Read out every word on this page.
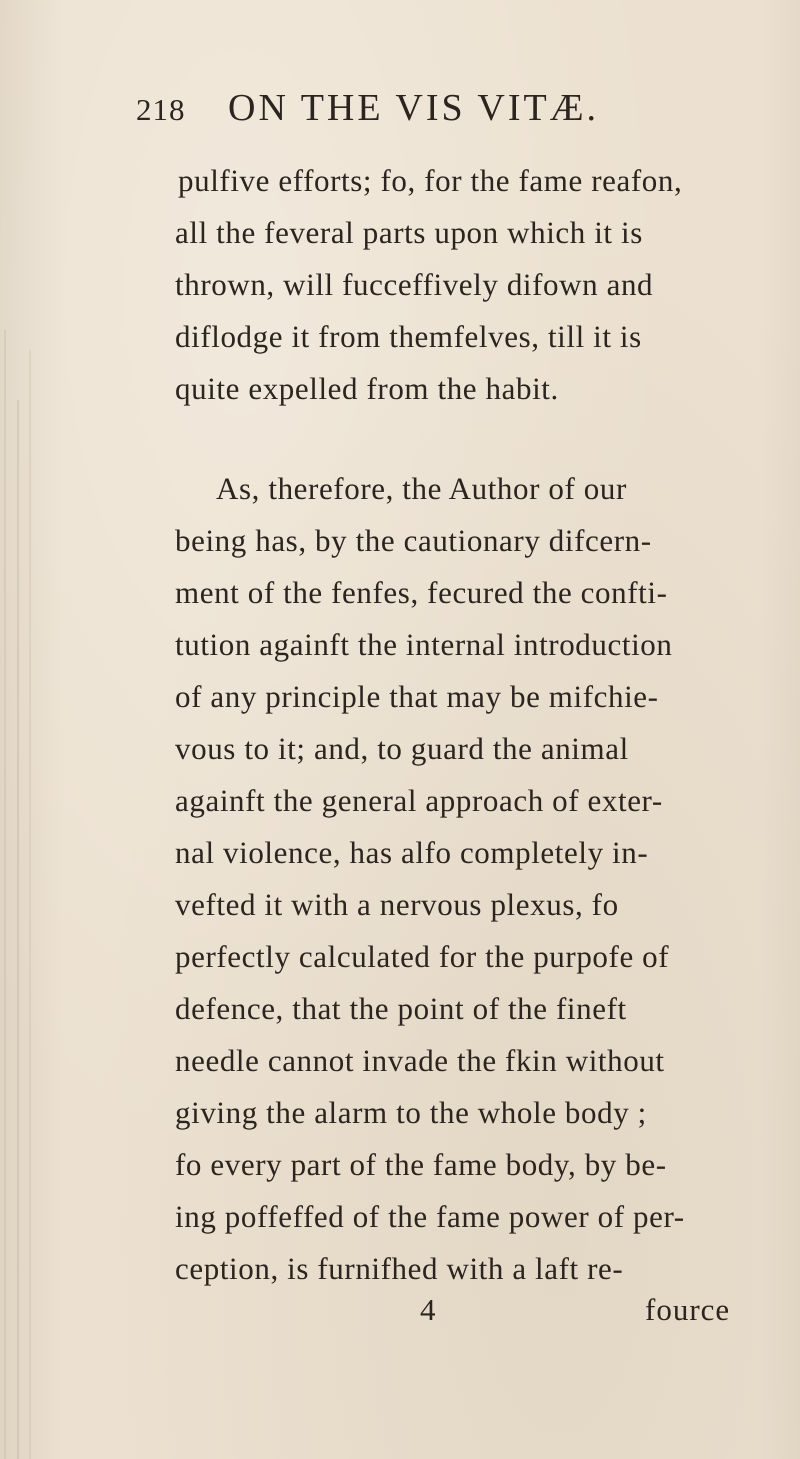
218 ON THE VIS VITÆ.
pulfive efforts; fo, for the fame reafon,
all the feveral parts upon which it is
thrown, will fucceffively difown and
diflodge it from themfelves, till it is
quite expelled from the habit.
As, therefore, the Author of our
being has, by the cautionary difcern-
ment of the fenfes, fecured the confti-
tution againft the internal introduction
of any principle that may be mifchie-
vous to it; and, to guard the animal
againft the general approach of exter-
nal violence, has alfo completely in-
vefted it with a nervous plexus, fo
perfectly calculated for the purpofe of
defence, that the point of the fineft
needle cannot invade the fkin without
giving the alarm to the whole body ;
fo every part of the fame body, by be-
ing poffeffed of the fame power of per-
ception, is furnifhed with a laft re-
4	fource
